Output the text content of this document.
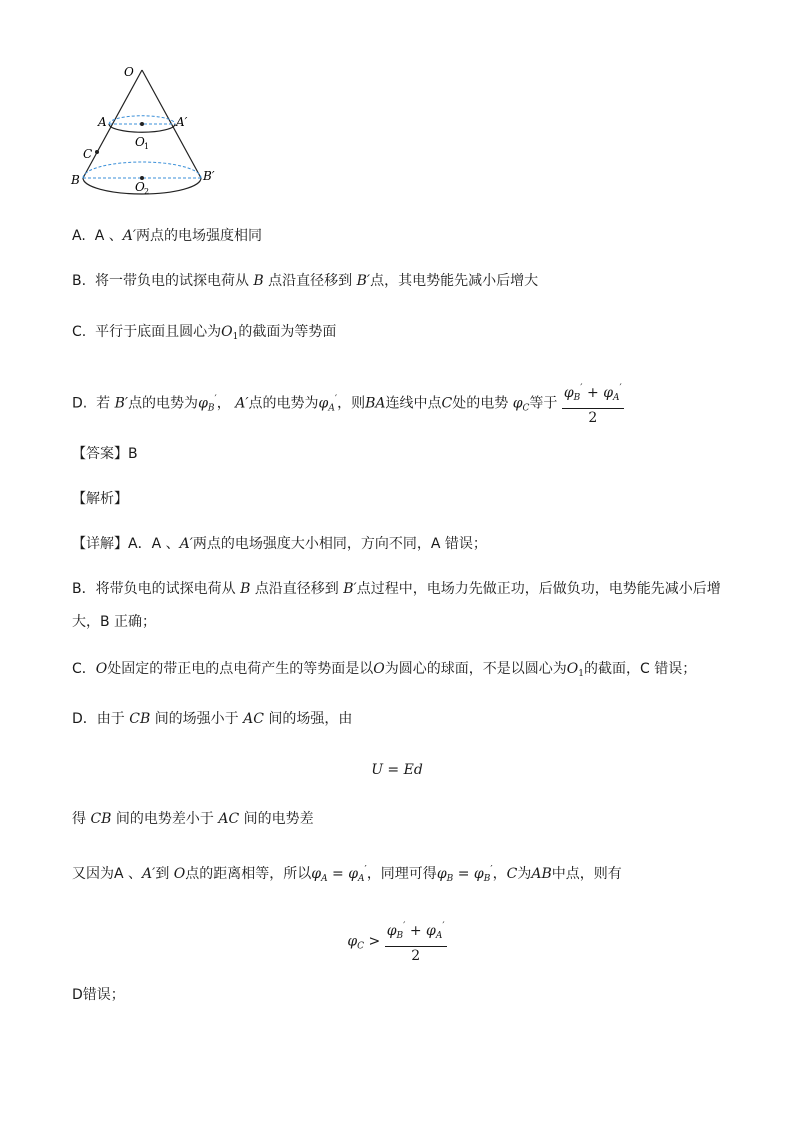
O
A	A′
O 1
C
B	B′
O 2
A. A 、A′两点的电场强度相同
B. 将一带负电的试探电荷从 B 点沿直径移到 B′点，其电势能先减小后增大
C. 平行于底面且圆心为$O_1$的截面为等势面
D. 若 B′点的电势为$\varphi_B'$， A′点的电势为$\varphi_A'$，则BA连线中点C处的电势 $\varphi_C$等于 $\frac{\varphi_B' + \varphi_A'}{2}$
【答案】B
【解析】
【详解】A．A 、A′两点的电场强度大小相同，方向不同，A 错误；
B．将带负电的试探电荷从 B 点沿直径移到 B′点过程中，电场力先做正功，后做负功，电势能先减小后增
大，B 正确；
C．O处固定的带正电的点电荷产生的等势面是以O为圆心的球面，不是以圆心为$O_1$的截面，C 错误；
D．由于 CB 间的场强小于 AC 间的场强，由
U = Ed
得 CB 间的电势差小于 AC 间的电势差
又因为A 、A′到 O点的距离相等，所以$\varphi_A = \varphi_A'$，同理可得$\varphi_B = \varphi_B'$，C为AB中点，则有
$\varphi_C > \frac{\varphi_B' + \varphi_A'}{2}$
D错误；
